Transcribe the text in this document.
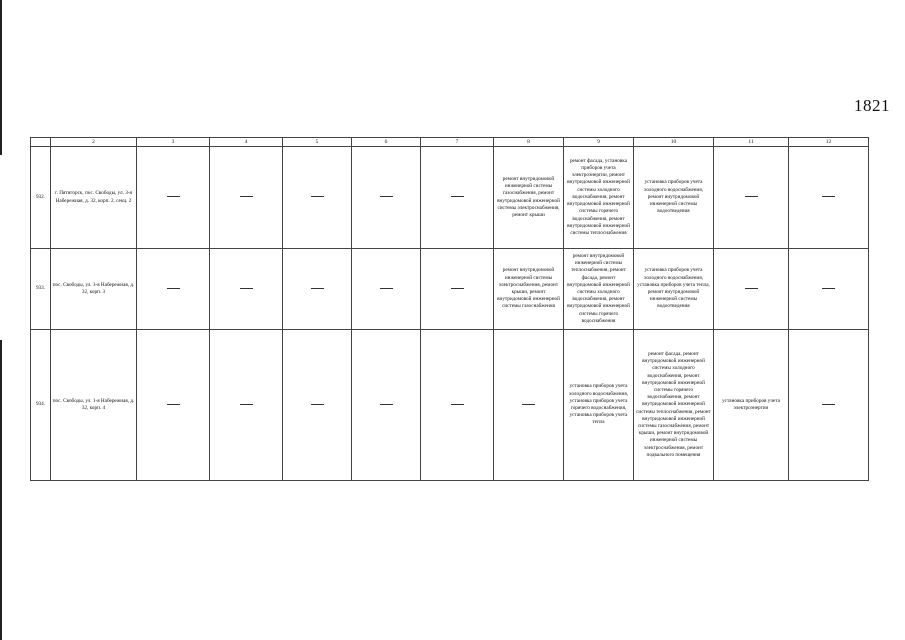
1821
	2	3	4	5	6	7	8	9	10	11	12
932.	г. Пятигорск, пос. Свободы, ул. 3-я Набережная, д. 32, корп. 2, секц. 2						ремонт внутридомовой инженерной системы газоснабжения, ремонт внутридомовой инженерной системы электроснабжения, ремонт крыши	ремонт фасада, установка приборов учета электроэнергии, ремонт внутридомовой инженерной системы холодного водоснабжения, ремонт внутридомовой инженерной системы горячего водоснабжения, ремонт внутридомовой инженерной системы теплоснабжения	установка приборов учета холодного водоснабжения, ремонт внутридомовой инженерной системы водоотведения		

933.	пос. Свободы, ул. 3-я Набережная, д. 32, корп. 3						ремонт внутридомовой инженерной системы электроснабжения, ремонт крыши, ремонт внутридомовой инженерной системы газоснабжения	ремонт внутридомовой инженерной системы теплоснабжения, ремонт фасада, ремонт внутридомовой инженерной системы холодного водоснабжения, ремонт внутридомовой инженерной системы горячего водоснабжения	установка приборов учета холодного водоснабжения, установка приборов учета тепла, ремонт внутридомовой инженерной системы водоотведения		

934.	пос. Свободы, ул. 1-я Набережная, д. 32, корп. 4							установка приборов учета холодного водоснабжения, установка приборов учета горячего водоснабжения, установка приборов учета тепла	ремонт фасада, ремонт внутридомовой инженерной системы холодного водоснабжения, ремонт внутридомовой инженерной системы горячего водоснабжения, ремонт внутридомовой инженерной системы теплоснабжения, ремонт внутридомовой инженерной системы газоснабжения, ремонт крыши, ремонт внутридомовой инженерной системы электроснабжения, ремонт подвального помещения	установка приборов учета электроэнергии	
